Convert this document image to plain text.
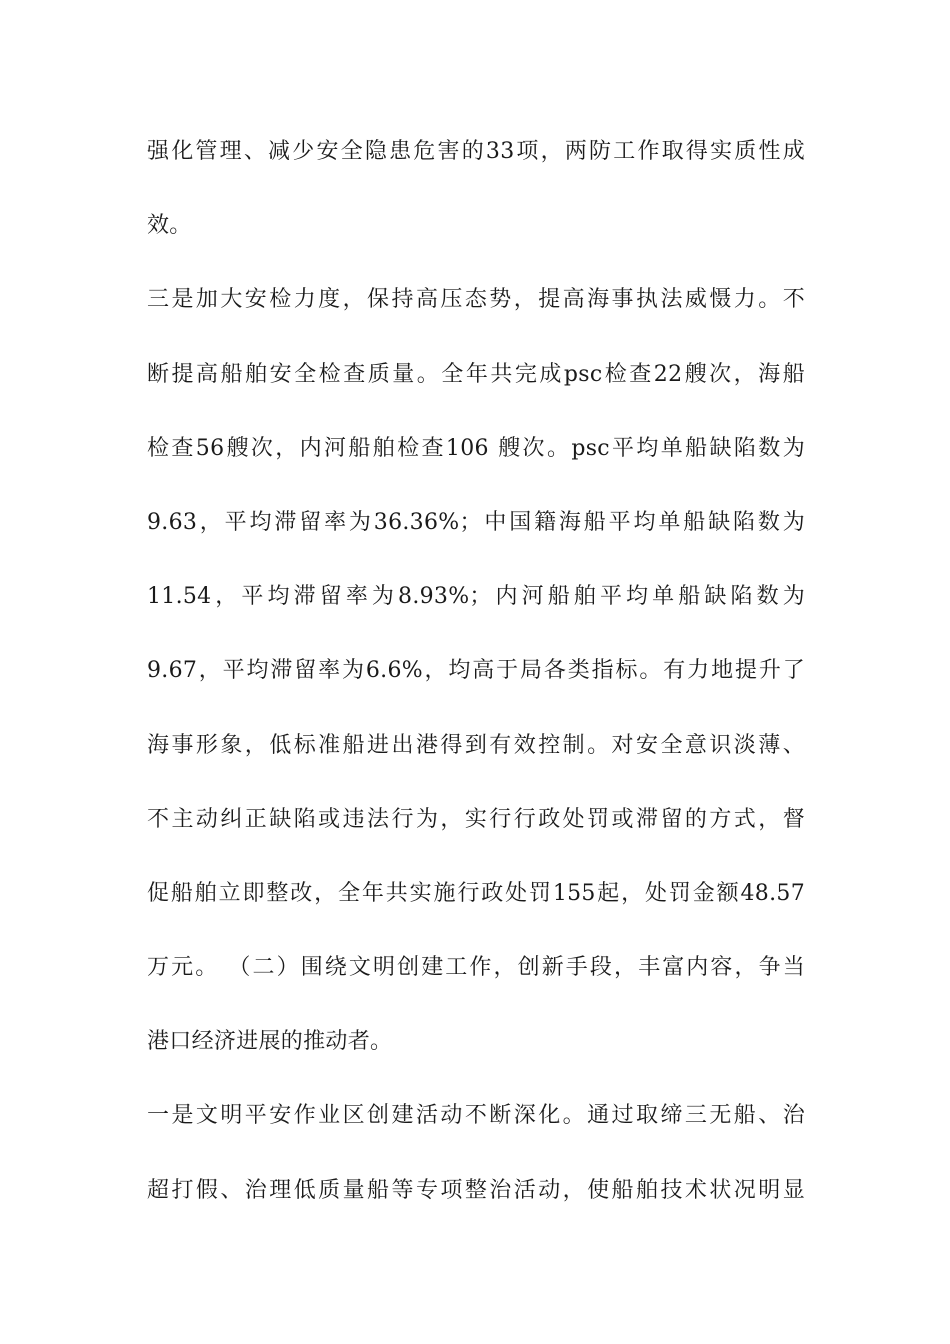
强化管理、减少安全隐患危害的33项，两防工作取得实质性成
效。
三是加大安检力度，保持高压态势，提高海事执法威慑力。不
断提高船舶安全检查质量。全年共完成psc检查22艘次，海船
检查56艘次，内河船舶检查106 艘次。psc平均单船缺陷数为
9.63，平均滞留率为36.36%；中国籍海船平均单船缺陷数为
11.54，平均滞留率为8.93%；内河船舶平均单船缺陷数为
9.67，平均滞留率为6.6%，均高于局各类指标。有力地提升了
海事形象，低标准船进出港得到有效控制。对安全意识淡薄、
不主动纠正缺陷或违法行为，实行行政处罚或滞留的方式，督
促船舶立即整改，全年共实施行政处罚155起，处罚金额48.57
万元。 （二）围绕文明创建工作，创新手段，丰富内容，争当
港口经济进展的推动者。
一是文明平安作业区创建活动不断深化。通过取缔三无船、治
超打假、治理低质量船等专项整治活动，使船舶技术状况明显
